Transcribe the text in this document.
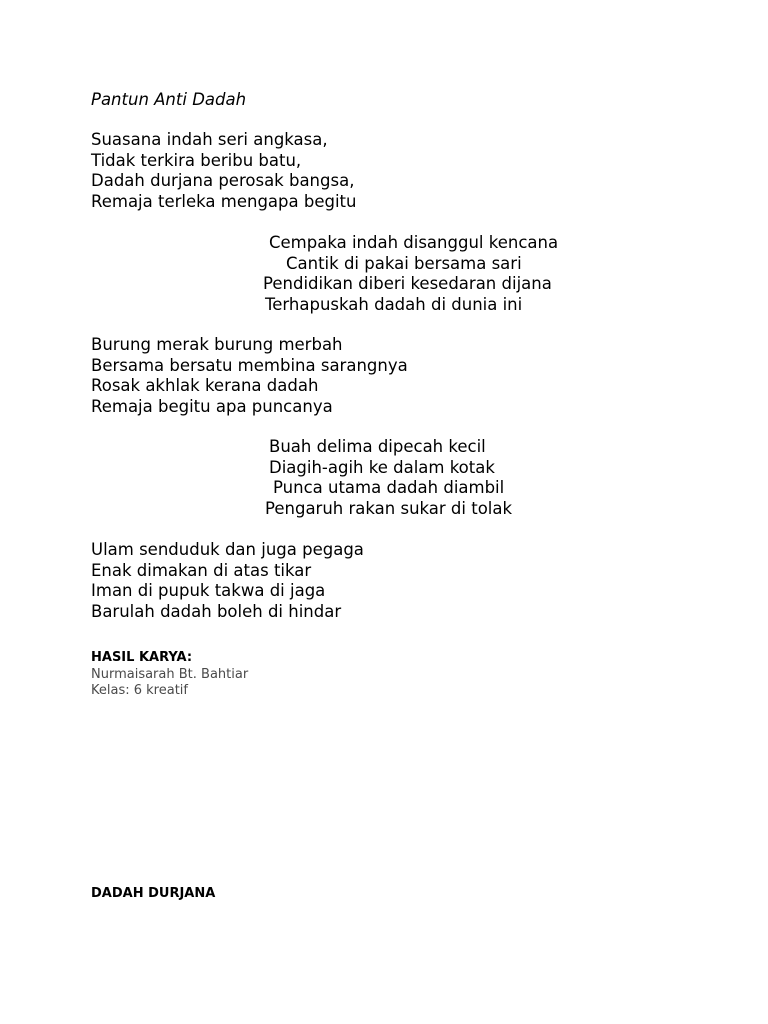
Pantun Anti Dadah
Suasana indah seri angkasa,
Tidak terkira beribu batu,
Dadah durjana perosak bangsa,
Remaja terleka mengapa begitu
Cempaka indah disanggul kencana
Cantik di pakai bersama sari
Pendidikan diberi kesedaran dijana
Terhapuskah dadah di dunia ini
Burung merak burung merbah
Bersama bersatu membina sarangnya
Rosak akhlak kerana dadah
Remaja begitu apa puncanya
Buah delima dipecah kecil
Diagih-agih ke dalam kotak
Punca utama dadah diambil
Pengaruh rakan sukar di tolak
Ulam senduduk dan juga pegaga
Enak dimakan di atas tikar
Iman di pupuk takwa di jaga
Barulah dadah boleh di hindar
HASIL KARYA:
Nurmaisarah Bt. Bahtiar
Kelas: 6 kreatif
DADAH DURJANA
